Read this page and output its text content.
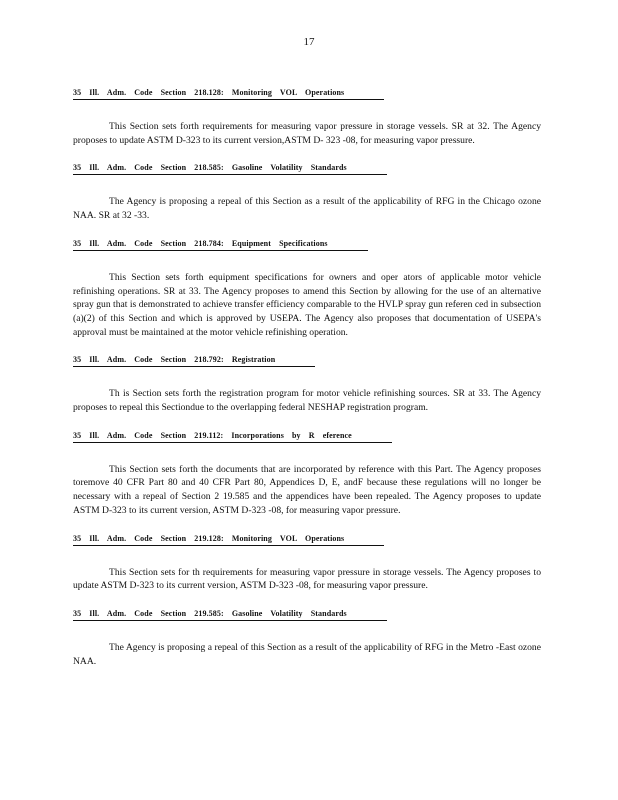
17
35 Ill. Adm. Code Section 218.128: Monitoring VOL Operations

This Section sets forth requirements for measuring vapor pressure in storage vessels. SR at 32. The Agency proposes to update ASTM D-323 to its current version,ASTM D- 323 -08, for measuring vapor pressure.

35 Ill. Adm. Code Section 218.585: Gasoline Volatility Standards

The Agency is proposing a repeal of this Section as a result of the applicability of RFG in the Chicago ozone NAA. SR at 32 -33.

35 Ill. Adm. Code Section 218.784: Equipment Specifications

This Section sets forth equipment specifications for owners and oper ators of applicable motor vehicle refinishing operations. SR at 33. The Agency proposes to amend this Section by allowing for the use of an alternative spray gun that is demonstrated to achieve transfer efficiency comparable to the HVLP spray gun referen ced in subsection (a)(2) of this Section and which is approved by USEPA. The Agency also proposes that documentation of USEPA's approval must be maintained at the motor vehicle refinishing operation.

35 Ill. Adm. Code Section 218.792: Registration

Th is Section sets forth the registration program for motor vehicle refinishing sources. SR at 33. The Agency proposes to repeal this Sectiondue to the overlapping federal NESHAP registration program.

35 Ill. Adm. Code Section 219.112: Incorporations by R eference

This Section sets forth the documents that are incorporated by reference with this Part. The Agency proposes toremove 40 CFR Part 80 and 40 CFR Part 80, Appendices D, E, andF because these regulations will no longer be necessary with a repeal of Section 2 19.585 and the appendices have been repealed. The Agency proposes to update ASTM D-323 to its current version, ASTM D-323 -08, for measuring vapor pressure.

35 Ill. Adm. Code Section 219.128: Monitoring VOL Operations

This Section sets for th requirements for measuring vapor pressure in storage vessels. The Agency proposes to update ASTM D-323 to its current version, ASTM D-323 -08, for measuring vapor pressure.

35 Ill. Adm. Code Section 219.585: Gasoline Volatility Standards

The Agency is proposing a repeal of this Section as a result of the applicability of RFG in the Metro -East ozone NAA.
